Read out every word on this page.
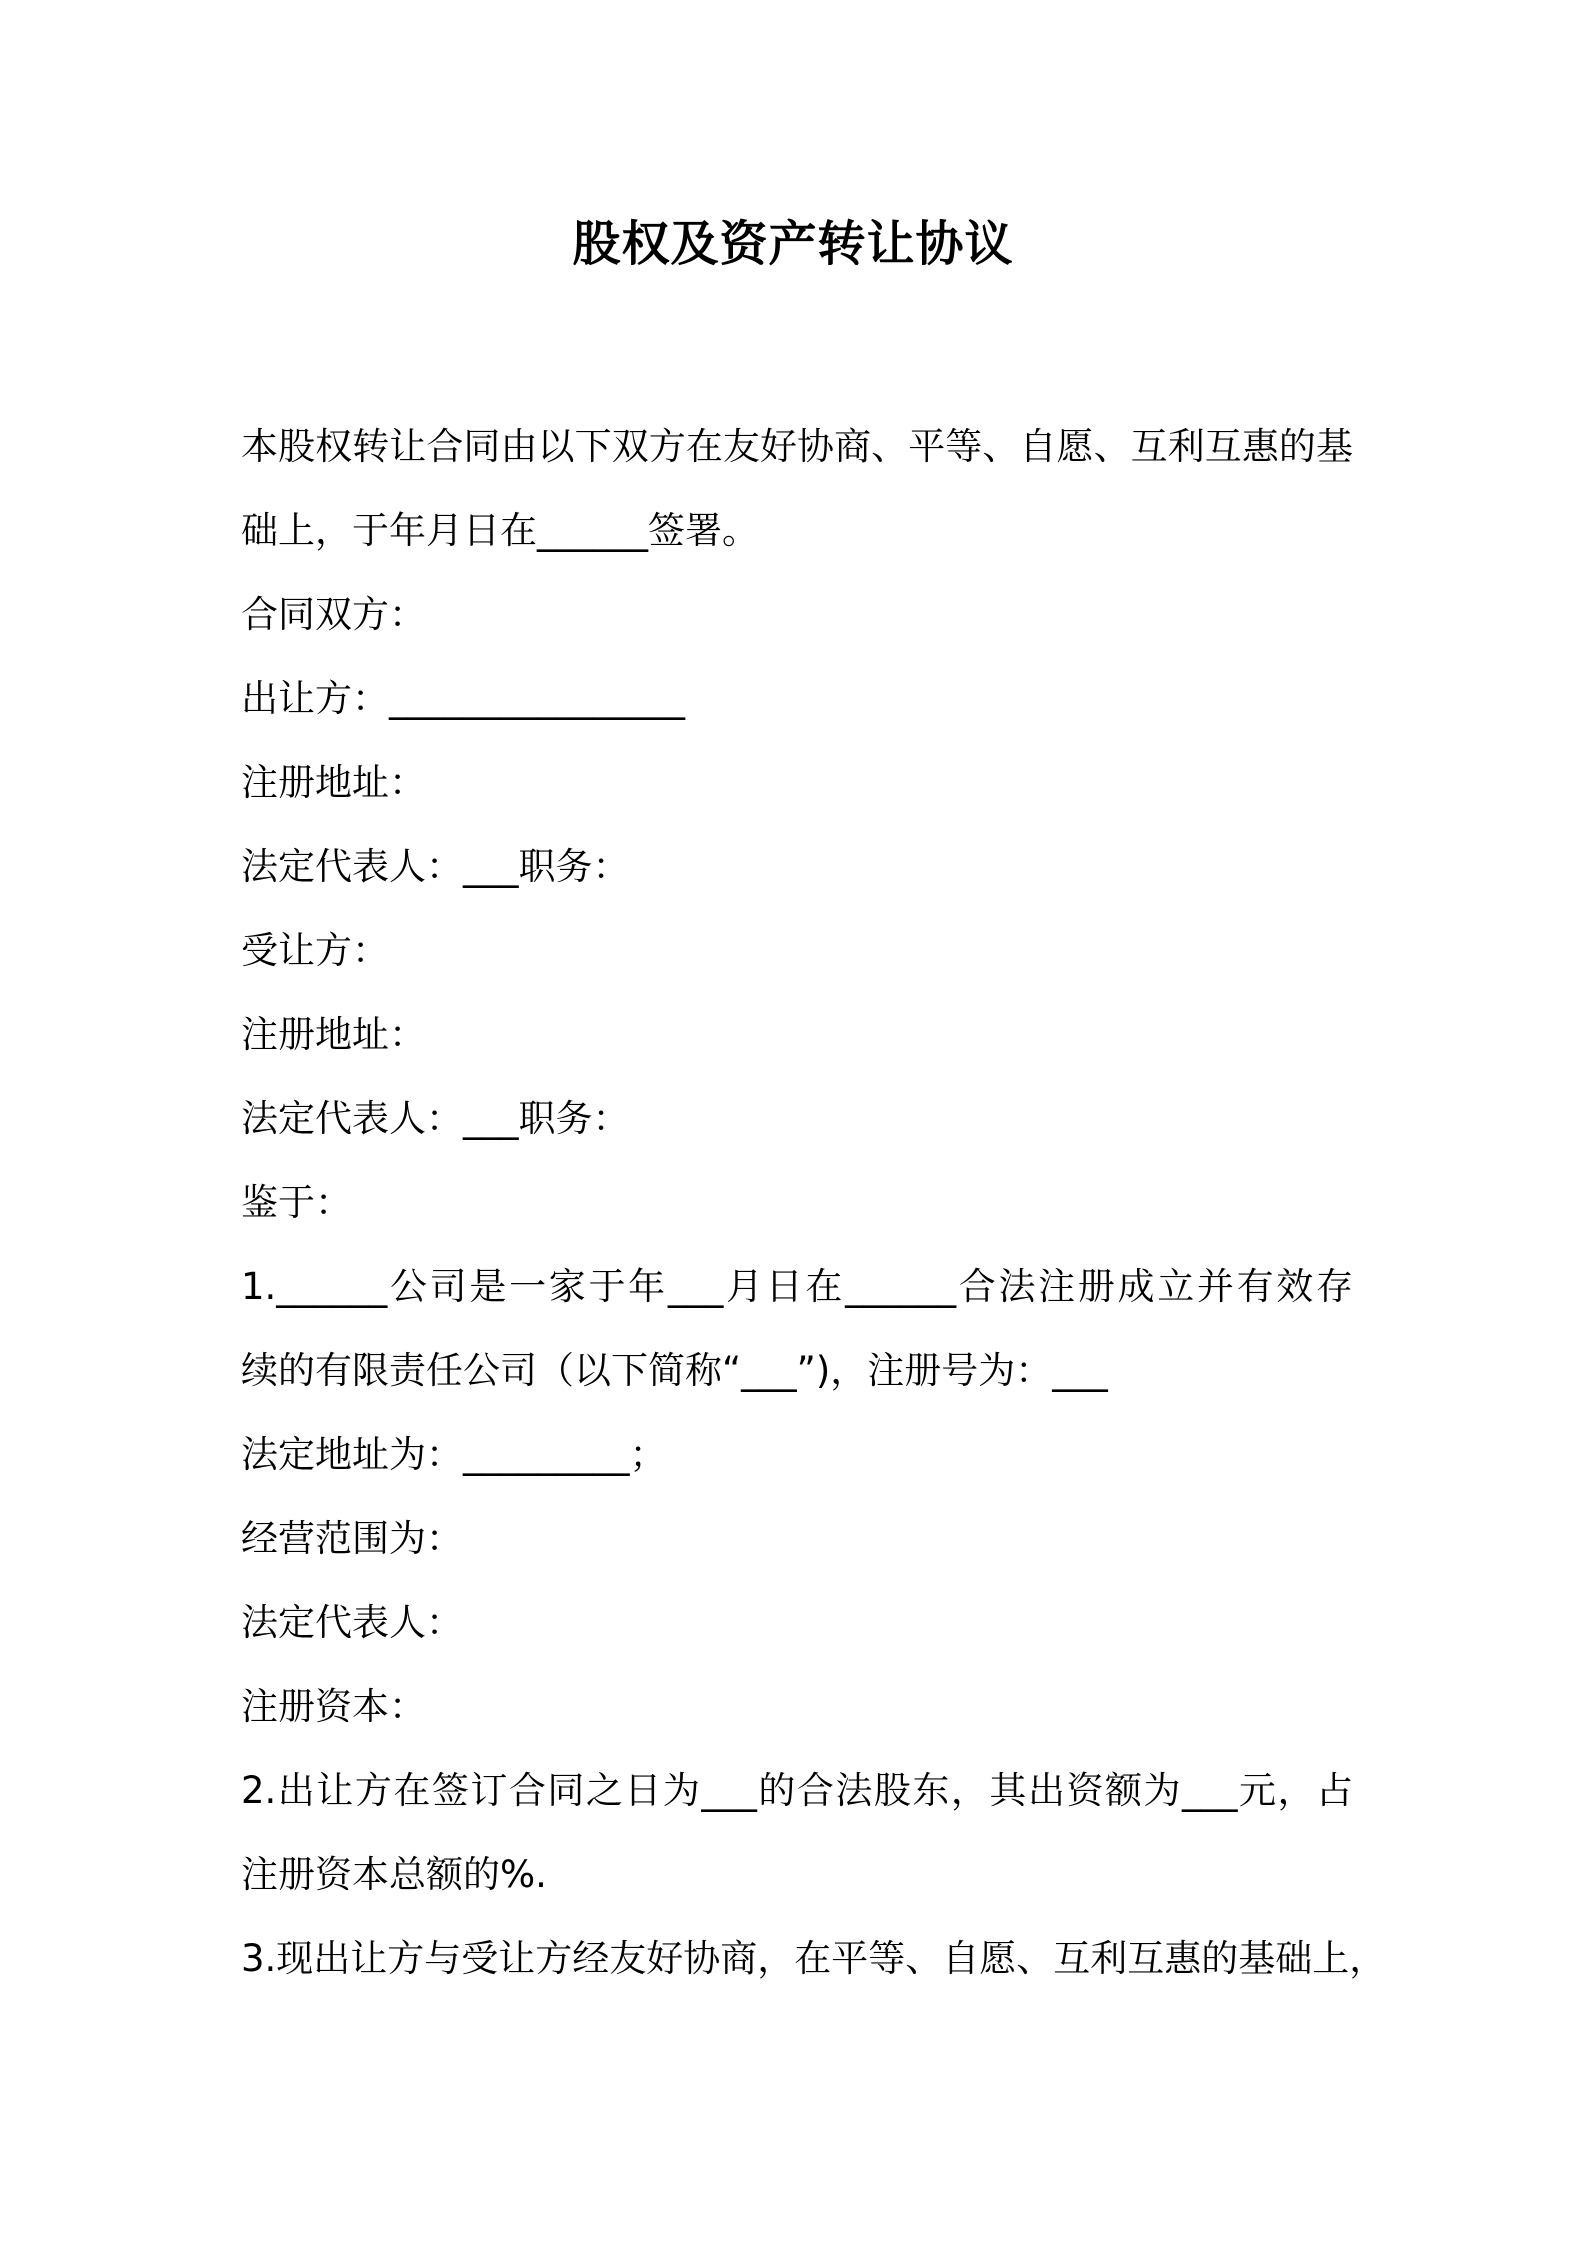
股权及资产转让协议
本股权转让合同由以下双方在友好协商、平等、自愿、互利互惠的基
础上，于年月日在______签署。
合同双方：
出让方：________________
注册地址：
法定代表人：___职务：
受让方：
注册地址：
法定代表人：___职务：
鉴于：
1.______公司是一家于年___月日在______合法注册成立并有效存
续的有限责任公司（以下简称“___”)，注册号为：___
法定地址为：_________；
经营范围为：
法定代表人：
注册资本：
2.出让方在签订合同之日为___的合法股东，其出资额为___元，占
注册资本总额的%.
3.现出让方与受让方经友好协商，在平等、自愿、互利互惠的基础上，
